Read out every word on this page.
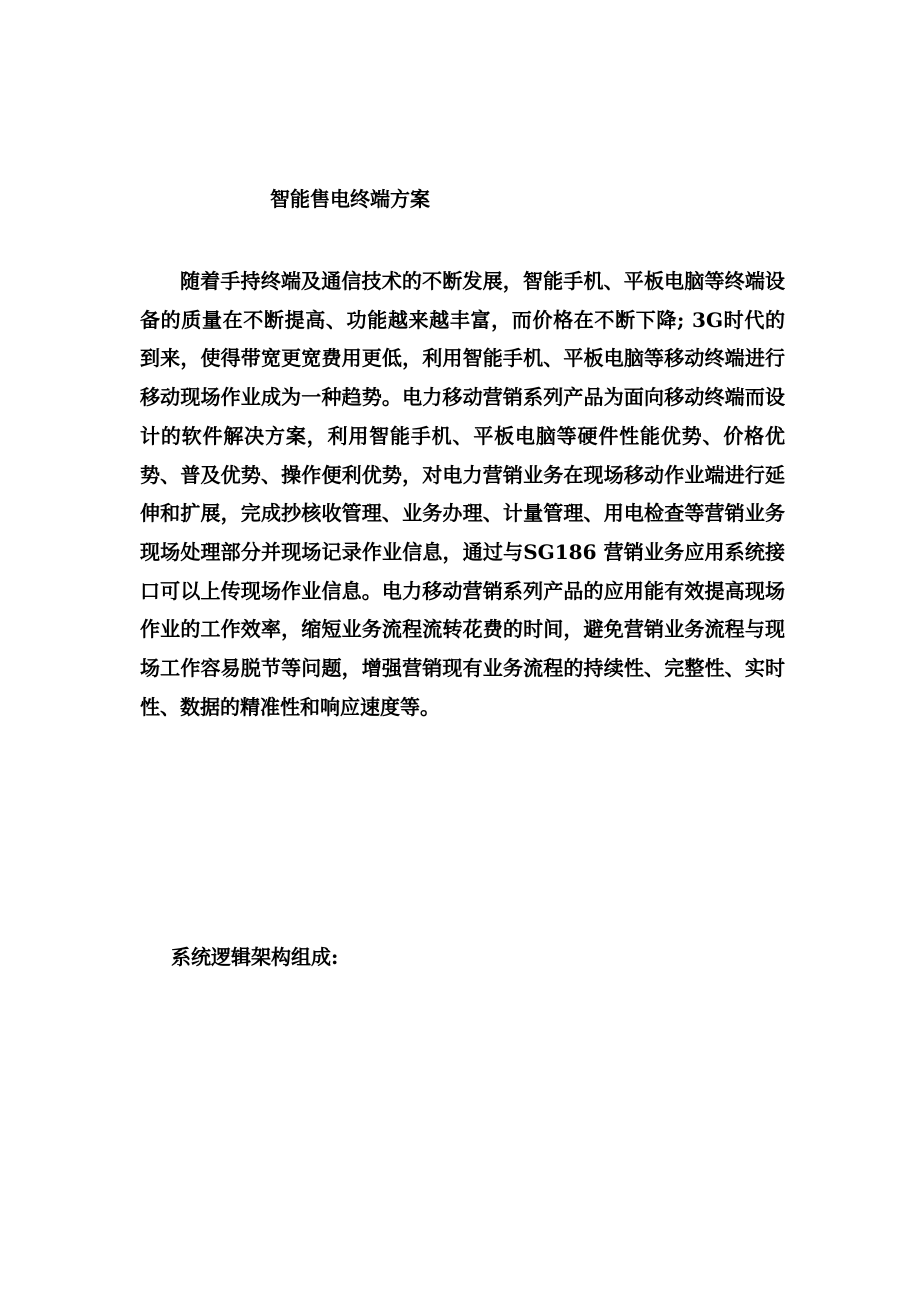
智能售电终端方案

随着手持终端及通信技术的不断发展，智能手机、平板电脑等终端设备的质量在不断提高、功能越来越丰富，而价格在不断下降; 3G时代的到来，使得带宽更宽费用更低，利用智能手机、平板电脑等移动终端进行移动现场作业成为一种趋势。电力移动营销系列产品为面向移动终端而设计的软件解决方案，利用智能手机、平板电脑等硬件性能优势、价格优势、普及优势、操作便利优势，对电力营销业务在现场移动作业端进行延伸和扩展，完成抄核收管理、业务办理、计量管理、用电检查等营销业务现场处理部分并现场记录作业信息，通过与SG186 营销业务应用系统接口可以上传现场作业信息。电力移动营销系列产品的应用能有效提高现场作业的工作效率，缩短业务流程流转花费的时间，避免营销业务流程与现场工作容易脱节等问题，增强营销现有业务流程的持续性、完整性、实时性、数据的精准性和响应速度等。

系统逻辑架构组成:
